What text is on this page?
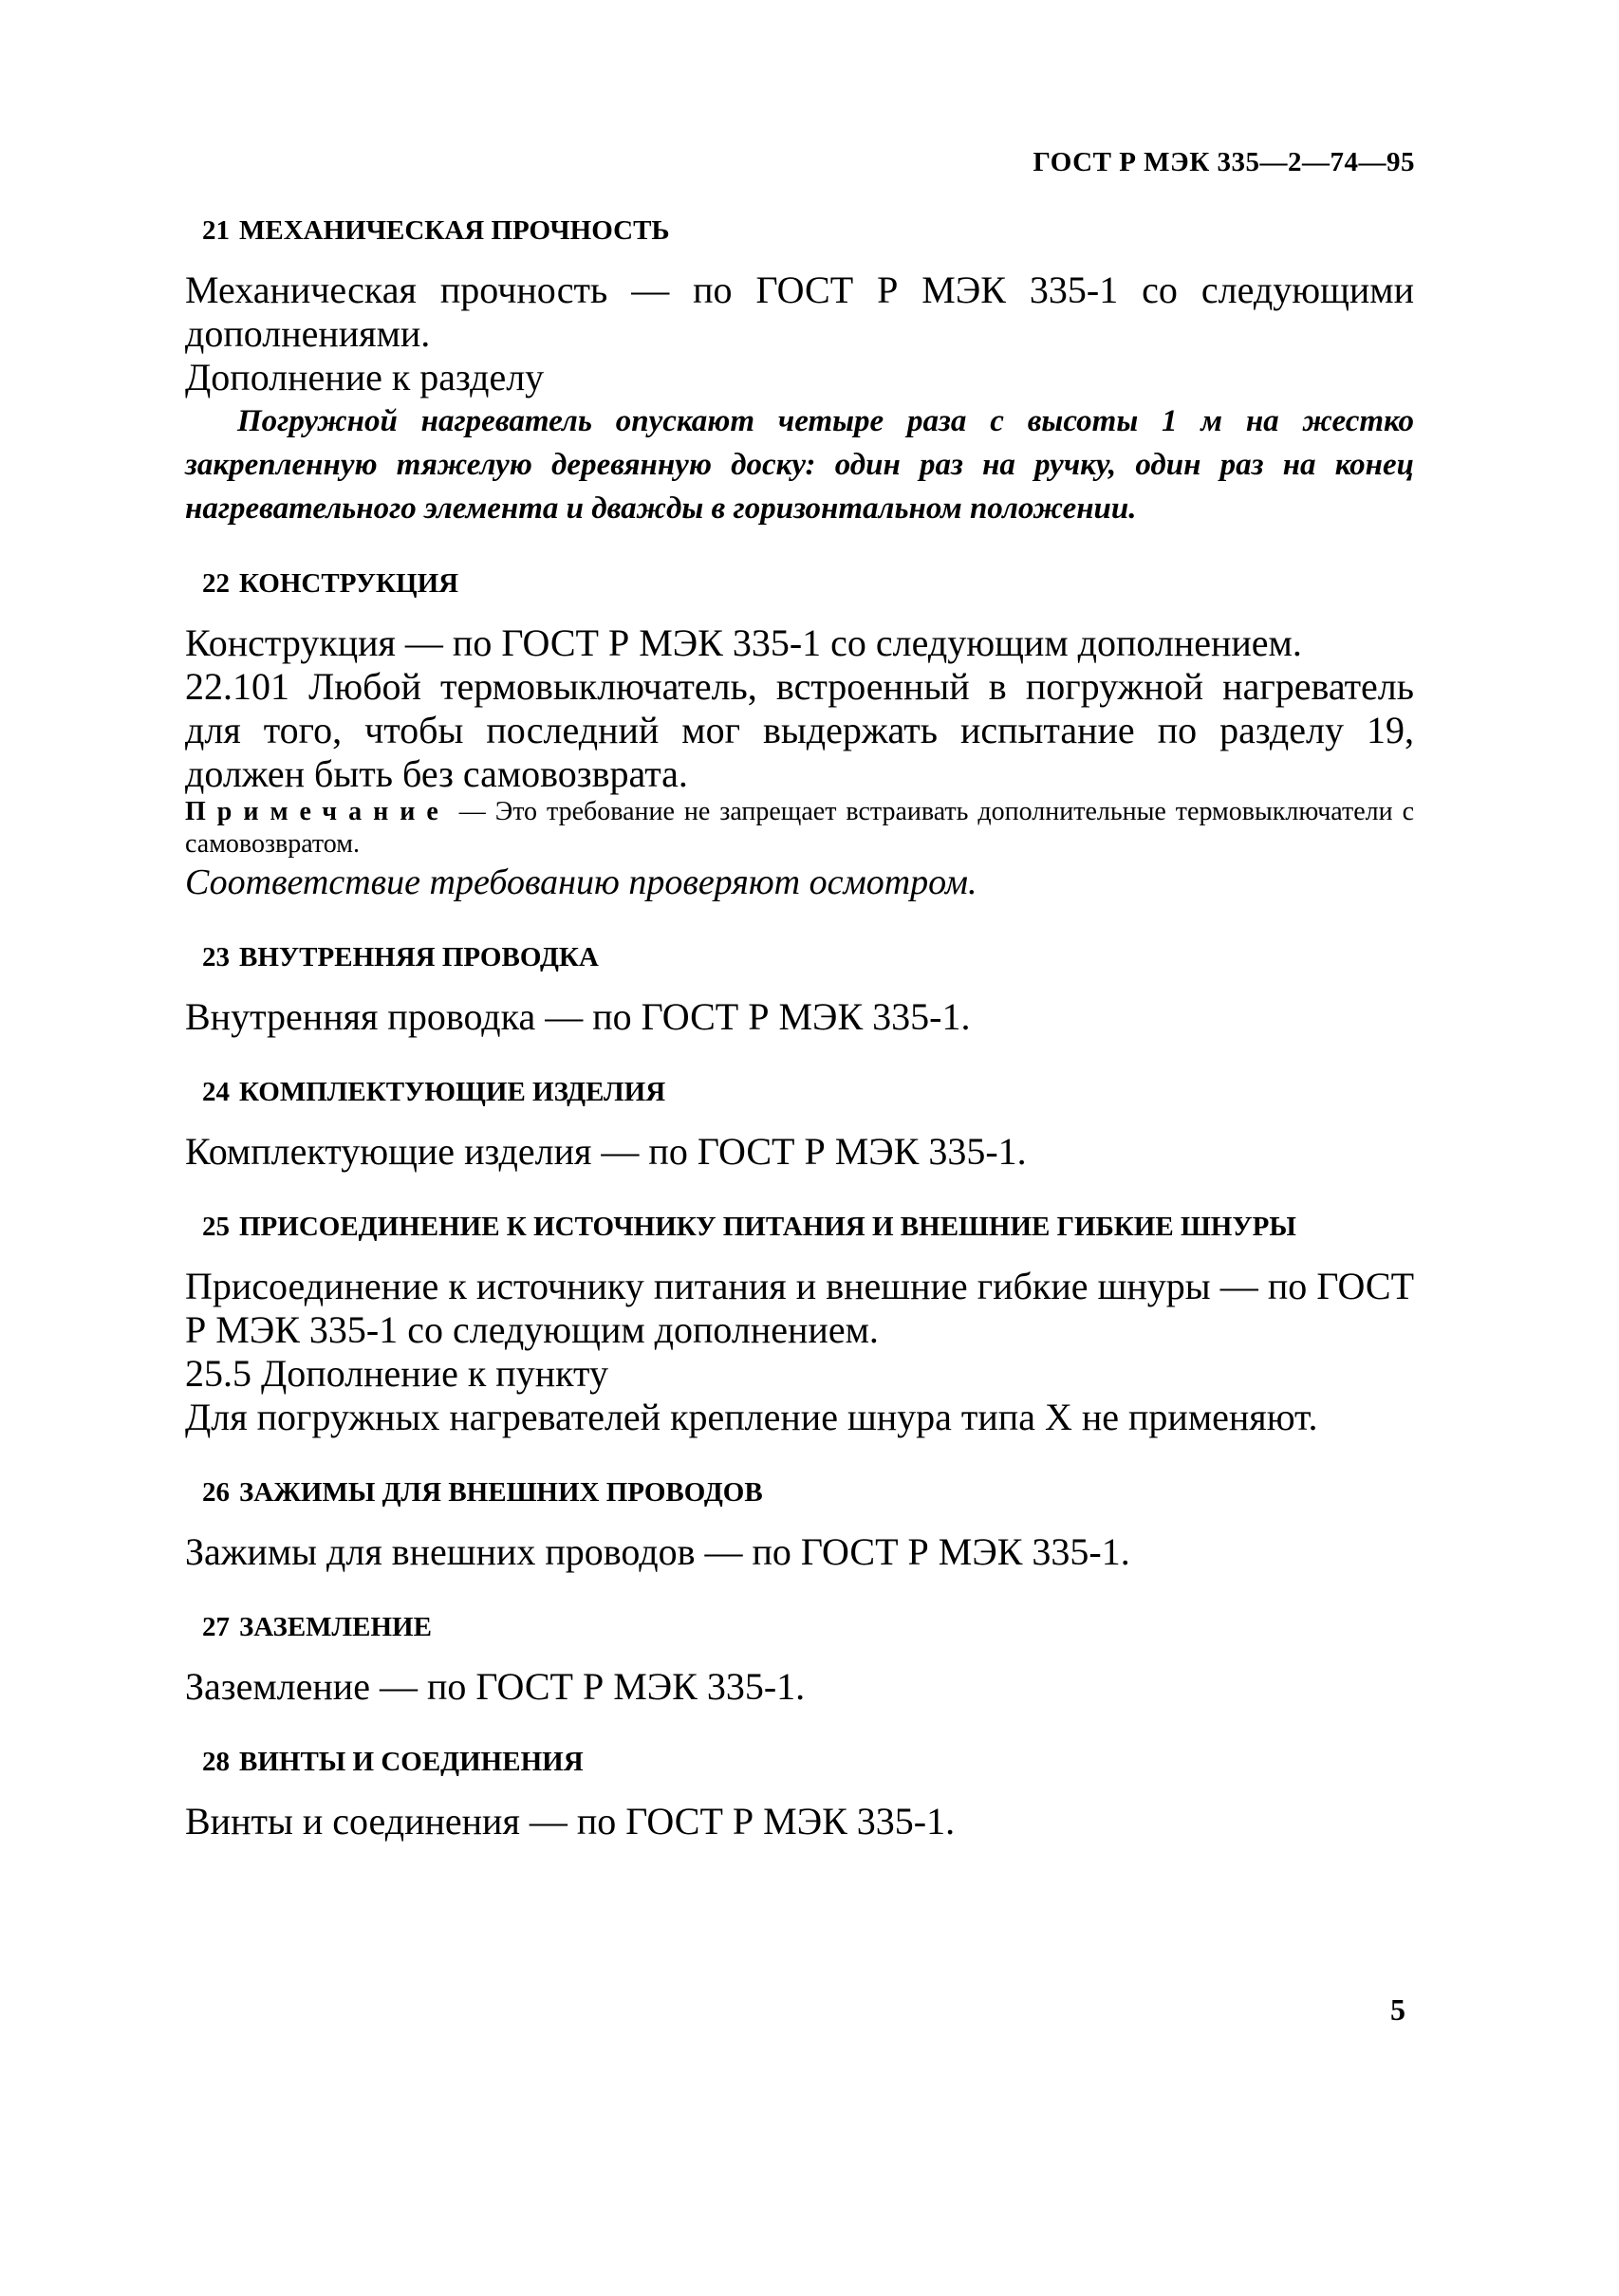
ГОСТ Р МЭК 335—2—74—95
21 МЕХАНИЧЕСКАЯ ПРОЧНОСТЬ

Механическая прочность — по ГОСТ Р МЭК 335-1 со следующими дополнениями.

Дополнение к разделу

Погружной нагреватель опускают четыре раза с высоты 1 м на жестко закрепленную тяжелую деревянную доску: один раз на ручку, один раз на конец нагревательного элемента и дважды в горизонтальном положении.

22 КОНСТРУКЦИЯ

Конструкция — по ГОСТ Р МЭК 335-1 со следующим дополнением.

22.101 Любой термовыключатель, встроенный в погружной нагреватель для того, чтобы последний мог выдержать испытание по разделу 19, должен быть без самовозврата.

Примечание — Это требование не запрещает встраивать дополнительные термовыключатели с самовозвратом.

Соответствие требованию проверяют осмотром.

23 ВНУТРЕННЯЯ ПРОВОДКА

Внутренняя проводка — по ГОСТ Р МЭК 335-1.

24 КОМПЛЕКТУЮЩИЕ ИЗДЕЛИЯ

Комплектующие изделия — по ГОСТ Р МЭК 335-1.

25 ПРИСОЕДИНЕНИЕ К ИСТОЧНИКУ ПИТАНИЯ И ВНЕШНИЕ ГИБКИЕ ШНУРЫ

Присоединение к источнику питания и внешние гибкие шнуры — по ГОСТ Р МЭК 335-1 со следующим дополнением.

25.5 Дополнение к пункту

Для погружных нагревателей крепление шнура типа X не применяют.

26 ЗАЖИМЫ ДЛЯ ВНЕШНИХ ПРОВОДОВ

Зажимы для внешних проводов — по ГОСТ Р МЭК 335-1.

27 ЗАЗЕМЛЕНИЕ

Заземление — по ГОСТ Р МЭК 335-1.

28 ВИНТЫ И СОЕДИНЕНИЯ

Винты и соединения — по ГОСТ Р МЭК 335-1.

5
